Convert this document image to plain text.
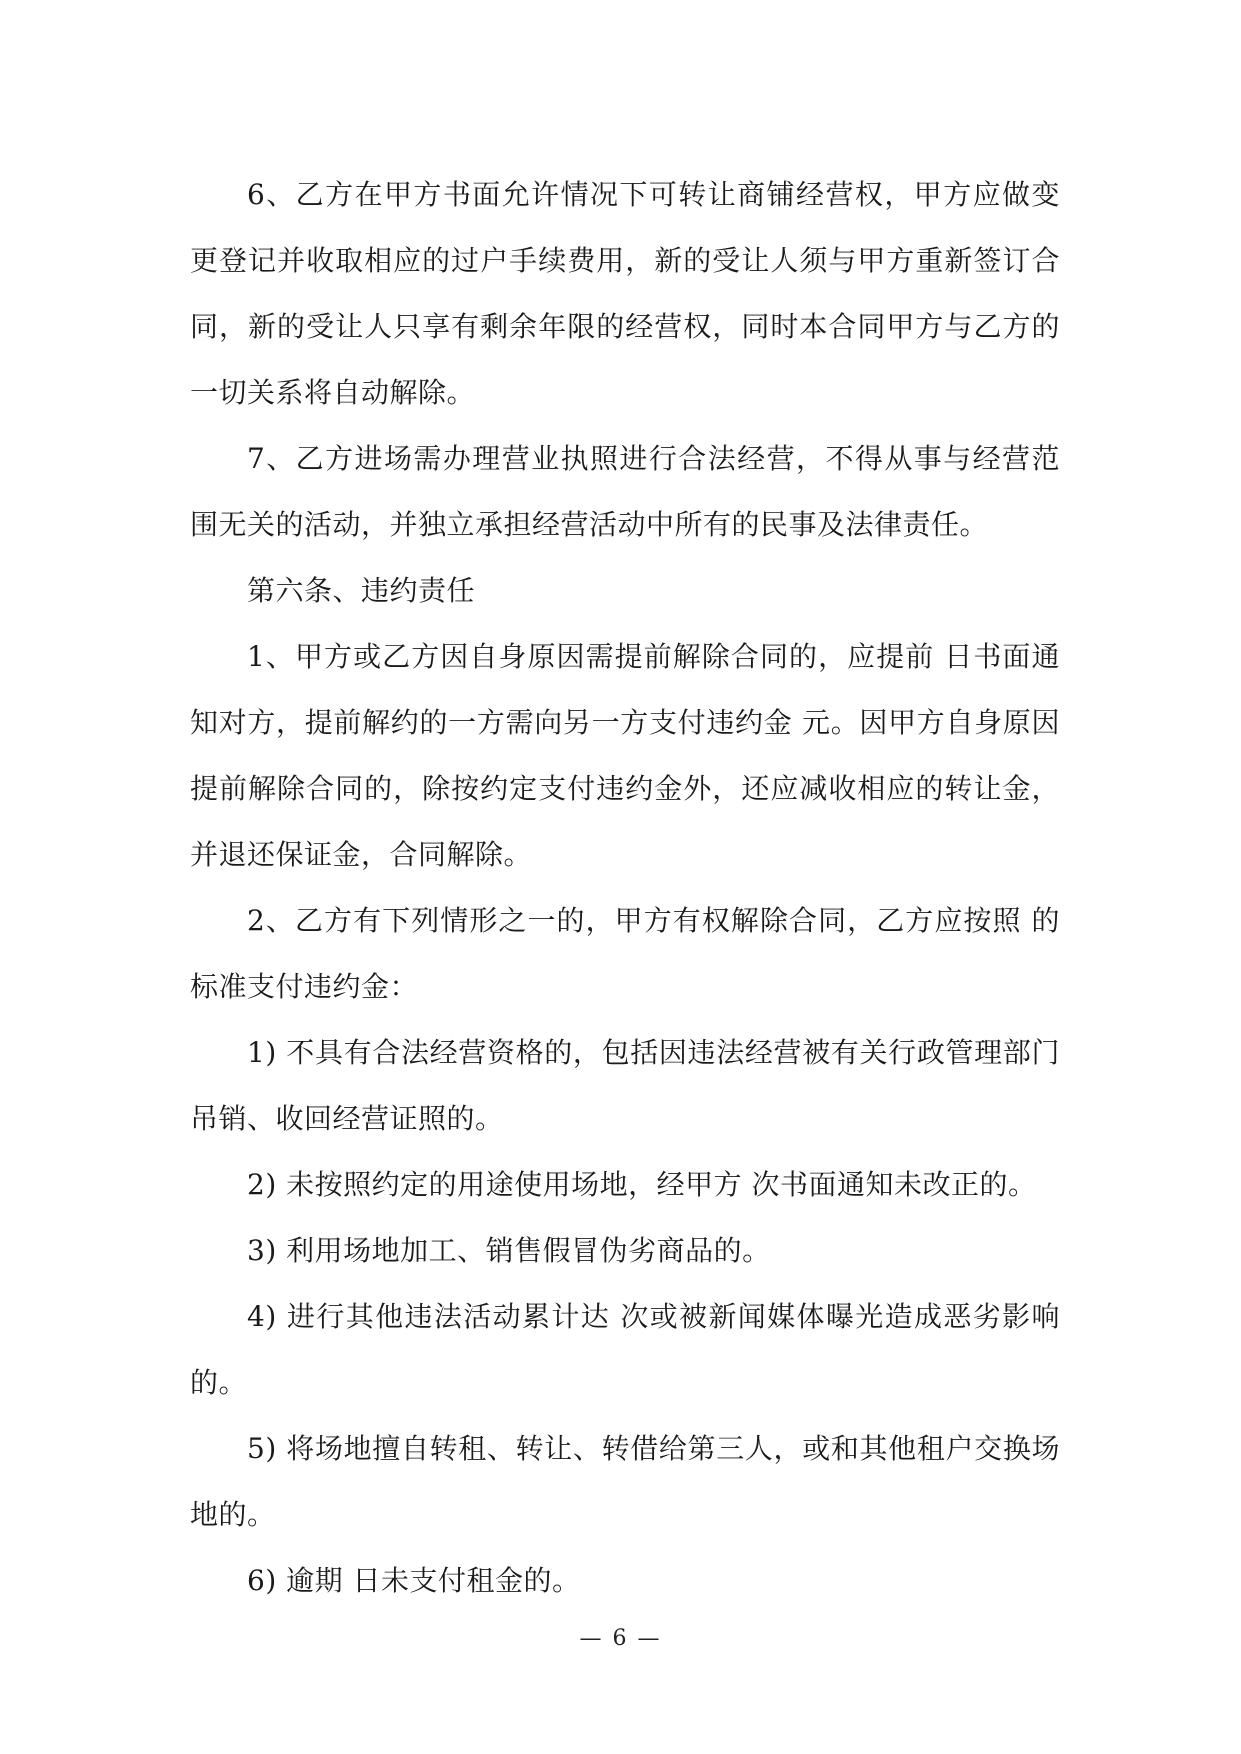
6、乙方在甲方书面允许情况下可转让商铺经营权，甲方应做变更登记并收取相应的过户手续费用，新的受让人须与甲方重新签订合同，新的受让人只享有剩余年限的经营权，同时本合同甲方与乙方的一切关系将自动解除。

7、乙方进场需办理营业执照进行合法经营，不得从事与经营范围无关的活动，并独立承担经营活动中所有的民事及法律责任。

第六条、违约责任

1、甲方或乙方因自身原因需提前解除合同的，应提前 日书面通知对方，提前解约的一方需向另一方支付违约金 元。因甲方自身原因提前解除合同的，除按约定支付违约金外，还应减收相应的转让金，并退还保证金，合同解除。

2、乙方有下列情形之一的，甲方有权解除合同，乙方应按照 的标准支付违约金：

1) 不具有合法经营资格的，包括因违法经营被有关行政管理部门吊销、收回经营证照的。

2) 未按照约定的用途使用场地，经甲方 次书面通知未改正的。

3) 利用场地加工、销售假冒伪劣商品的。

4) 进行其他违法活动累计达 次或被新闻媒体曝光造成恶劣影响的。

5) 将场地擅自转租、转让、转借给第三人，或和其他租户交换场地的。

6) 逾期 日未支付租金的。

— 6 —
